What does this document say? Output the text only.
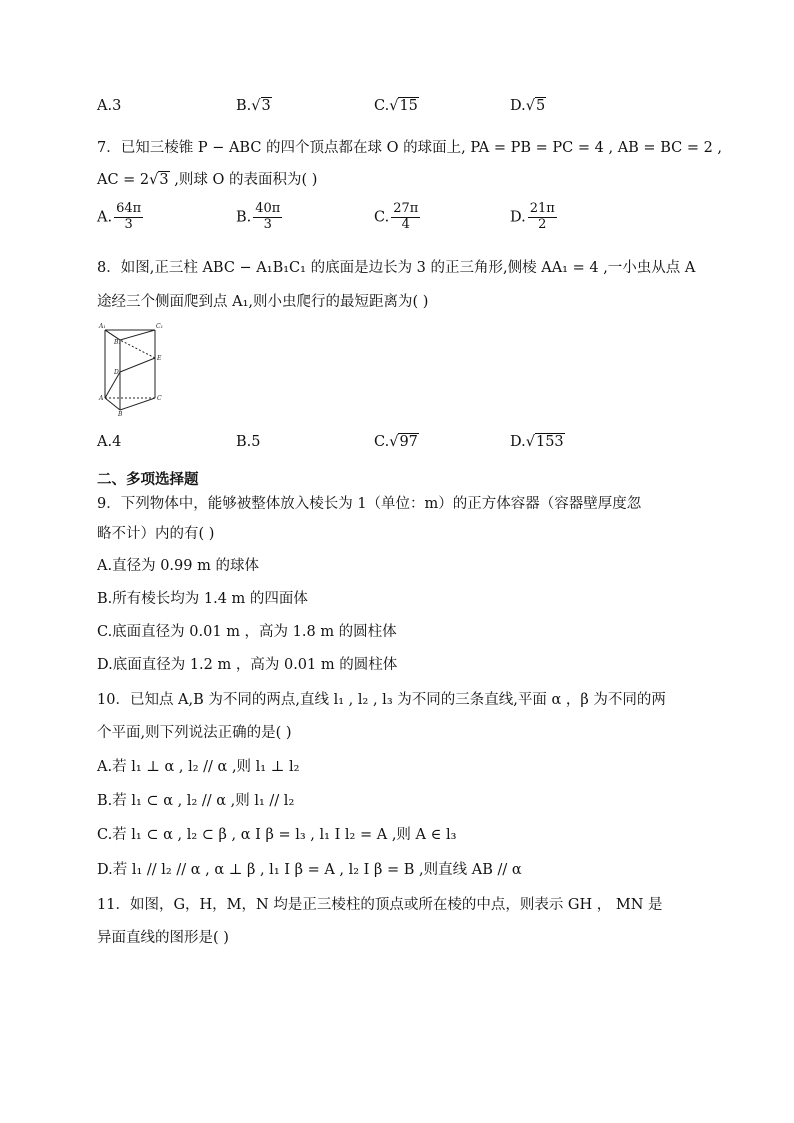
A.3	B.√3	C.√15	D.√5
7．已知三棱锥 P − ABC 的四个顶点都在球 O 的球面上, PA = PB = PC = 4 , AB = BC = 2 ,
AC = 2√3 ,则球 O 的表面积为( )
A. $\frac{64\pi}{3}$	B. $\frac{40\pi}{3}$	C. $\frac{27\pi}{4}$	D. $\frac{21\pi}{2}$
8．如图,正三柱 ABC − A₁B₁C₁ 的底面是边长为 3 的正三角形,侧棱 AA₁ = 4 ,一小虫从点 A
途经三个侧面爬到点 A₁,则小虫爬行的最短距离为( )
A₁	C₁
B₁
E
D
A	C
B
A.4	B.5	C.√97	D.√153
二、多项选择题
9．下列物体中，能够被整体放入棱长为 1（单位：m）的正方体容器（容器壁厚度忽
略不计）内的有( )
A.直径为 0.99 m 的球体
B.所有棱长均为 1.4 m 的四面体
C.底面直径为 0.01 m ，高为 1.8 m 的圆柱体
D.底面直径为 1.2 m ，高为 0.01 m 的圆柱体
10．已知点 A,B 为不同的两点,直线 l₁ , l₂ , l₃ 为不同的三条直线,平面 α ，β 为不同的两
个平面,则下列说法正确的是( )
A.若 l₁ ⊥ α , l₂ // α ,则 l₁ ⊥ l₂
B.若 l₁ ⊂ α , l₂ // α ,则 l₁ // l₂
C.若 l₁ ⊂ α , l₂ ⊂ β , α I β = l₃ , l₁ I l₂ = A ,则 A ∈ l₃
D.若 l₁ // l₂ // α , α ⊥ β , l₁ I β = A , l₂ I β = B ,则直线 AB // α
11．如图，G，H，M，N 均是正三棱柱的顶点或所在棱的中点，则表示 GH ， MN 是
异面直线的图形是( )
